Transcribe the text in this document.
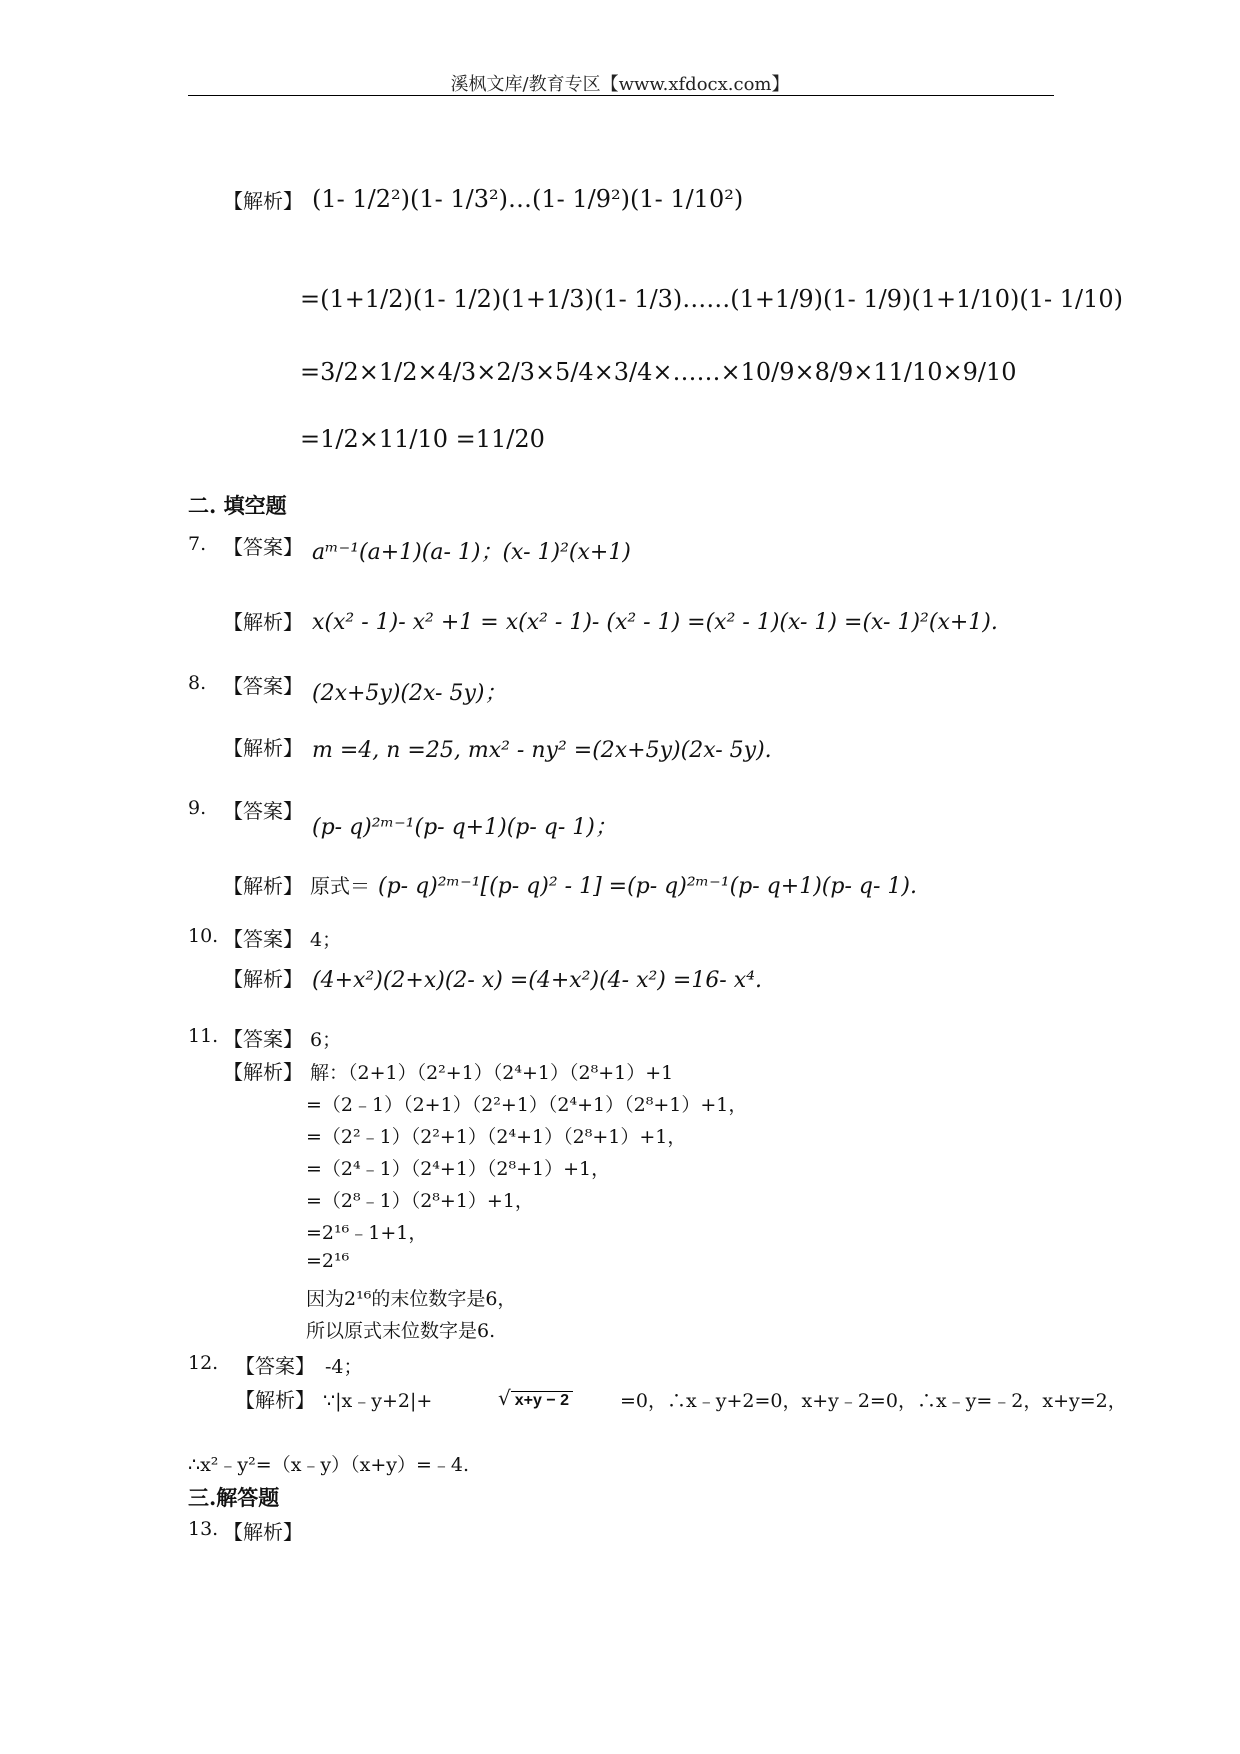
溪枫文库/教育专区【www.xfdocx.com】
【解析】 (1- 1/2²)(1- 1/3²)…(1- 1/9²)(1- 1/10²)
=(1+1/2)(1- 1/2)(1+1/3)(1- 1/3)……(1+1/9)(1- 1/9)(1+1/10)(1- 1/10)
=3/2×1/2×4/3×2/3×5/4×3/4×……×10/9×8/9×11/10×9/10
=1/2×11/10 =11/20
二. 填空题
7. 【答案】 aᵐ⁻¹(a+1)(a- 1)；(x- 1)²(x+1)
【解析】 x(x² - 1)- x² +1 = x(x² - 1)- (x² - 1) =(x² - 1)(x- 1) =(x- 1)²(x+1).
8. 【答案】 (2x+5y)(2x- 5y)；
【解析】 m =4, n =25, mx² - ny² =(2x+5y)(2x- 5y).
9. 【答案】
(p- q)²ᵐ⁻¹(p- q+1)(p- q- 1)；
【解析】 原式＝ (p- q)²ᵐ⁻¹[(p- q)² - 1] =(p- q)²ᵐ⁻¹(p- q+1)(p- q- 1).
10. 【答案】 4；
【解析】 (4+x²)(2+x)(2- x) =(4+x²)(4- x²) =16- x⁴.
11. 【答案】 6；
【解析】 解：（2+1）（2²+1）（2⁴+1）（2⁸+1）+1
=（2﹣1）（2+1）（2²+1）（2⁴+1）（2⁸+1）+1，
=（2²﹣1）（2²+1）（2⁴+1）（2⁸+1）+1，
=（2⁴﹣1）（2⁴+1）（2⁸+1）+1，
=（2⁸﹣1）（2⁸+1）+1，
=2¹⁶﹣1+1，
=2¹⁶
因为2¹⁶的末位数字是6，
所以原式末位数字是6.
12. 【答案】 -4；
【解析】 ∵|x﹣y+2|+	√ x+y − 2	=0，∴x﹣y+2=0，x+y﹣2=0，∴x﹣y=﹣2，x+y=2，
∴x²﹣y²=（x﹣y）（x+y）=﹣4.
三.解答题
13. 【解析】
